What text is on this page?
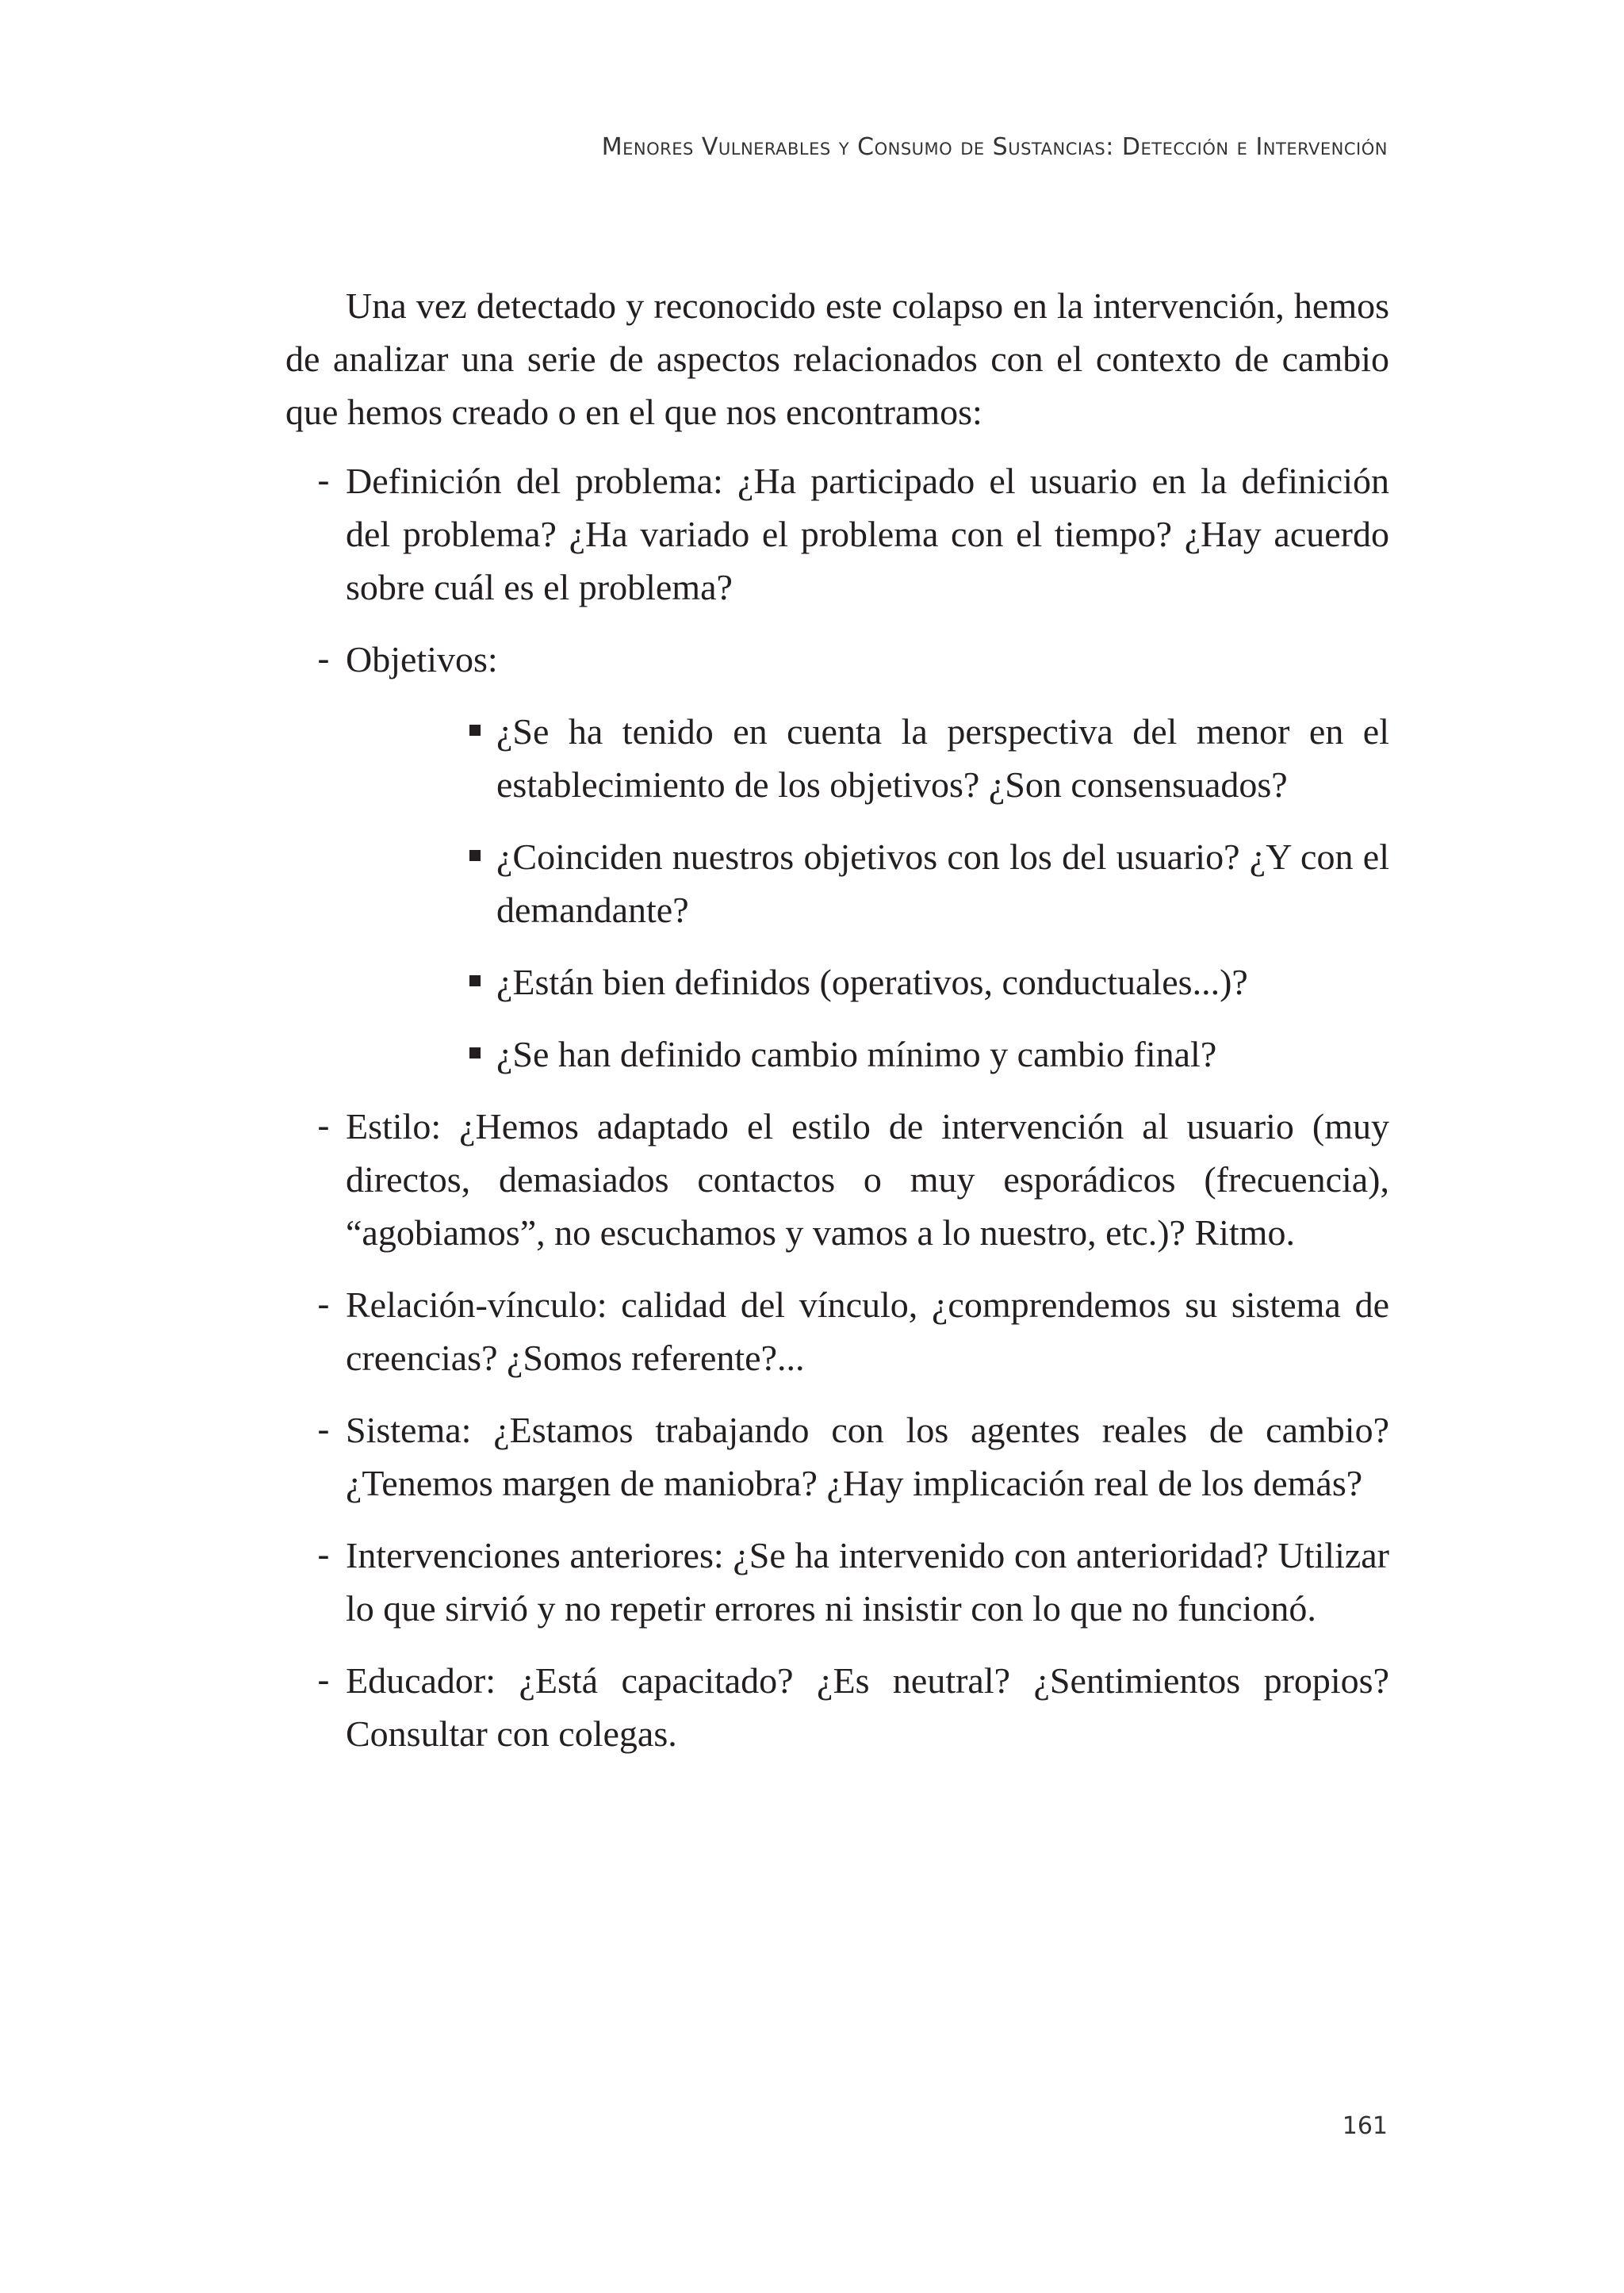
Menores Vulnerables y Consumo de Sustancias: Detección e Intervención

Una vez detectado y reconocido este colapso en la intervención, hemos de analizar una serie de aspectos relacionados con el contexto de cambio que hemos creado o en el que nos encontramos:

- Definición del problema: ¿Ha participado el usuario en la definición del problema? ¿Ha variado el problema con el tiempo? ¿Hay acuerdo sobre cuál es el problema?
- Objetivos:
¿Se ha tenido en cuenta la perspectiva del menor en el establecimiento de los objetivos? ¿Son consensuados?
¿Coinciden nuestros objetivos con los del usuario? ¿Y con el demandante?
¿Están bien definidos (operativos, conductuales...)?
¿Se han definido cambio mínimo y cambio final?
- Estilo: ¿Hemos adaptado el estilo de intervención al usuario (muy directos, demasiados contactos o muy esporádicos (frecuencia), “agobiamos”, no escuchamos y vamos a lo nuestro, etc.)? Ritmo.
- Relación-vínculo: calidad del vínculo, ¿comprendemos su sistema de creencias? ¿Somos referente?...
- Sistema: ¿Estamos trabajando con los agentes reales de cambio? ¿Tenemos margen de maniobra? ¿Hay implicación real de los demás?
- Intervenciones anteriores: ¿Se ha intervenido con anterioridad? Utilizar lo que sirvió y no repetir errores ni insistir con lo que no funcionó.
- Educador: ¿Está capacitado? ¿Es neutral? ¿Sentimientos propios? Consultar con colegas.
161
